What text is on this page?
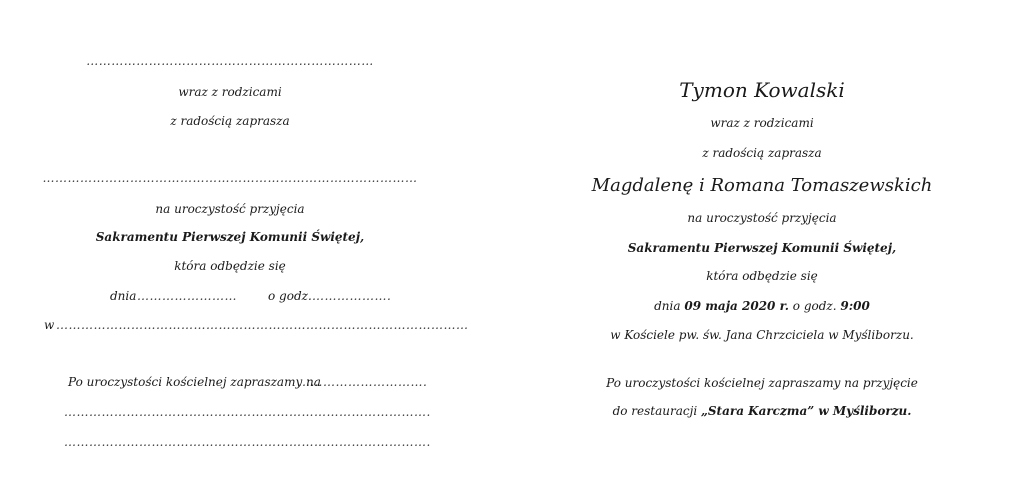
……………………………………………………………
wraz z rodzicami
z radością zaprasza
………………………………………………………………………………
na uroczystość przyjęcia
Sakramentu Pierwszej Komunii Świętej,
która odbędzie się
dnia ……………………	o godz. ……………….
w ………………………………………………………………………………………
Po uroczystości kościelnej zapraszamy na
………………………….
…………………………………………………………………………….
…………………………………………………………………………….
Tymon Kowalski
wraz z rodzicami
z radością zaprasza
Magdalenę i Romana Tomaszewskich
na uroczystość przyjęcia
Sakramentu Pierwszej Komunii Świętej,
która odbędzie się
dnia 09 maja 2020 r. o godz. 9:00
w Kościele pw. św. Jana Chrzciciela w Myśliborzu.
Po uroczystości kościelnej zapraszamy na przyjęcie
do restauracji „Stara Karczma” w Myśliborzu.
